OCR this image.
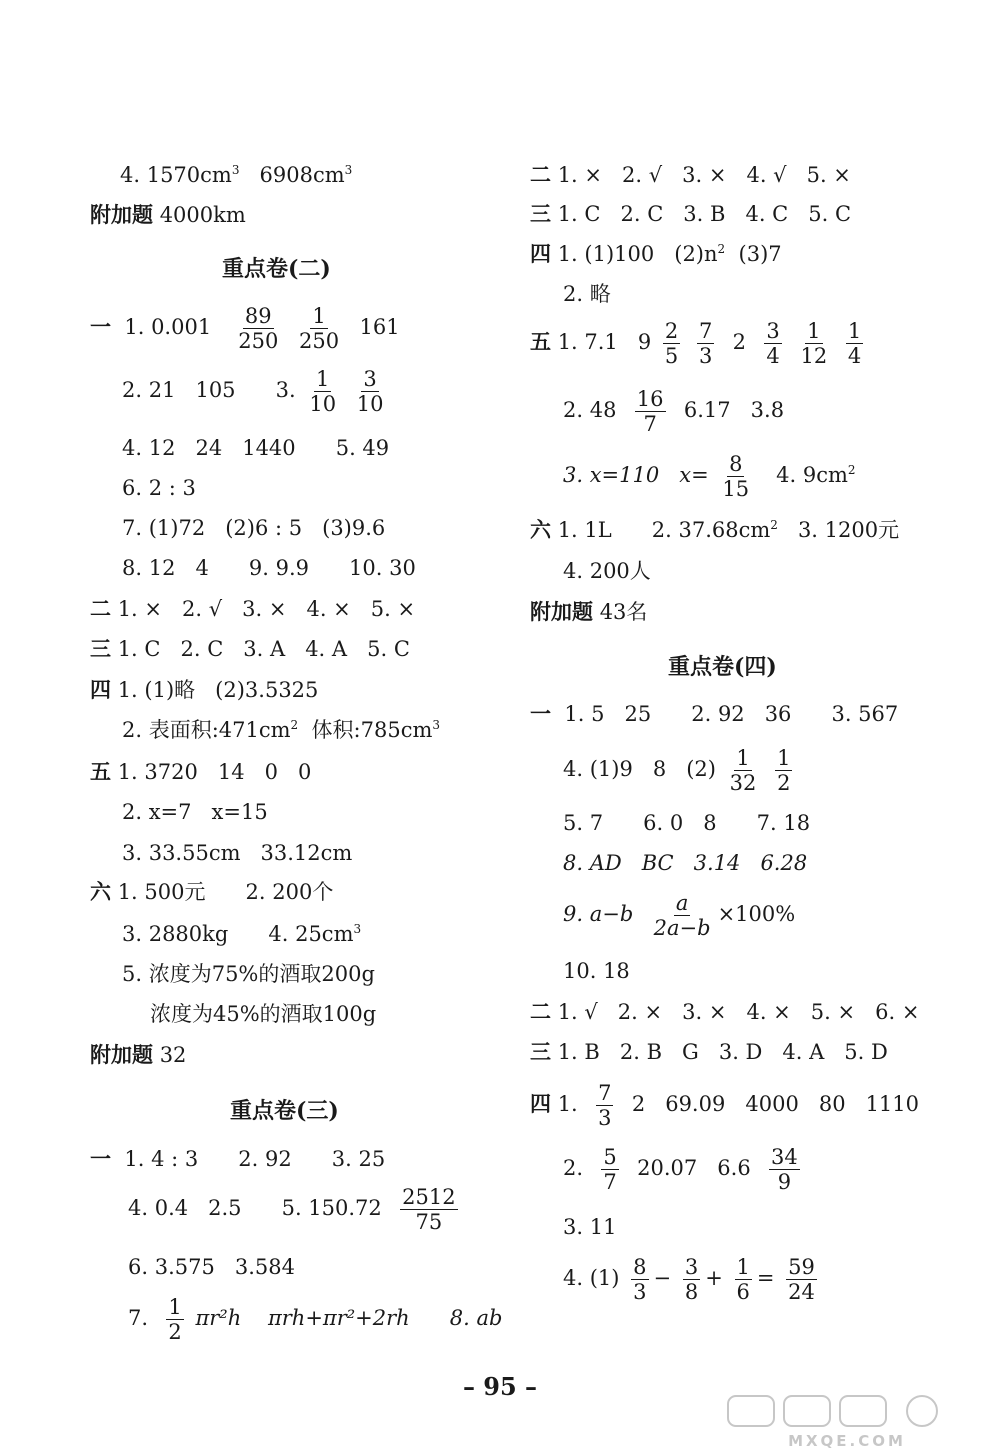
4. $1570cm^3$ $6908cm^3$
附加题 4000km
重点卷(二)
一 1. $0.001 \frac{89}{250}$
$\frac{1}{250} 161$
2. 21   105      3. $\frac{1}{10}$
$\frac{3}{10}$
4. 12   24   1440      5. 49
6. 2 : 3
7. (1)72   (2)6 : 5   (3)9.6
8. 12   4      9. 9.9      10. 30
二 1. ×   2. √   3. ×   4. ×   5. ×
三 1. C   2. C   3. A   4. A   5. C
四 1. (1)略   (2)3.5325
2. 表面积$:471cm^2$ 体积$:785cm^3$
五 1. 3720   14   0   0
2. x=7   x=15
3. 33.55cm   33.12cm
六 1. 500元      2. 200个
3. 2880kg      4. $25cm^3$
5. 浓度为75%的酒取200g
浓度为45%的酒取100g
附加题 32
重点卷(三)
一 1. 4 : 3      2. 92      3. 25
4. 0.4   2.5      5. $150.72 \frac{2512}{75}$
6. 3.575   3.584
7. $\frac{1}{2} \pi r^2h$    πrh+πr²+2rh      8. ab
二 1. ×   2. √   3. ×   4. √   5. ×
三 1. C   2. C   3. B   4. C   5. C
四 1. (1)100   $(2)n^2$ (3)7
2. 略
五 1. 7.1   $9 \frac{2}{5}$
$\frac{7}{3} 2 \frac{3}{4}$
$\frac{1}{12}$
$\frac{1}{4}$
2. $48 \frac{16}{7} 6.17$   3.8
3. x=110   $x= \frac{8}{15} 4$. $9cm^2$
六 1. 1L      2. $37.68cm^2$ 3. 1200元
4. 200人
附加题 43名
重点卷(四)
一 1. 5   25      2. 92   36      3. 567
4. (1)9   8   $(2) \frac{1}{32}$
$\frac{1}{2}$
5. 7      6. 0   8      7. 18
8. AD   BC   3.14   6.28
9. $a-b \frac{a}{2a-b} \times 100\%$
10. 18
二 1. √   2. ×   3. ×   4. ×   5. ×   6. ×
三 1. B   2. B   G   3. D   4. A   5. D
四 1. $\frac{7}{3} 2$   69.09   4000   80   1110
2. $\frac{5}{7} 20.07$   $6.6 \frac{34}{9}$
3. 11
4. $(1) \frac{8}{3} - \frac{3}{8} + \frac{1}{6} = \frac{59}{24}$
– 95 –
MXQE.COM
